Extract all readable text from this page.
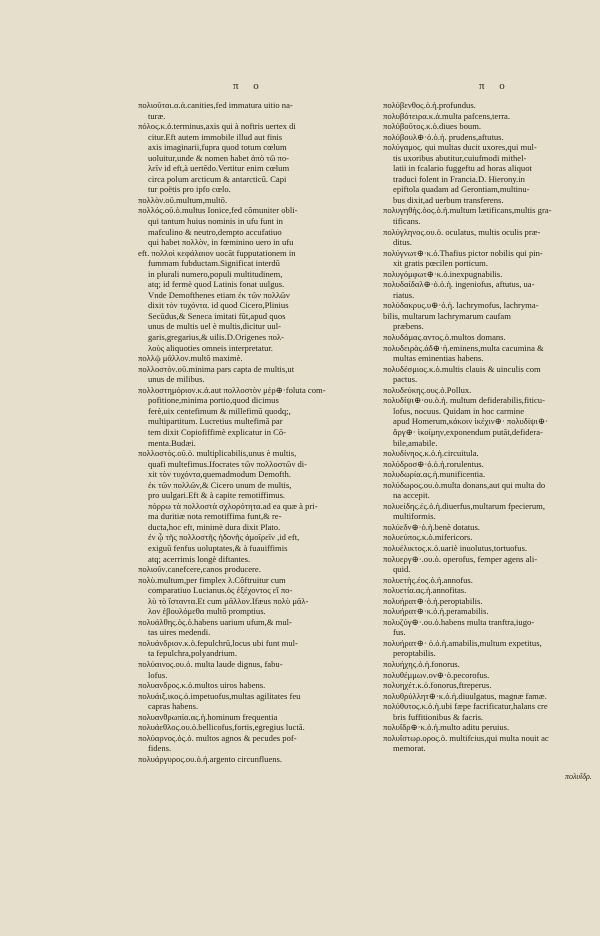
π ο	π ο
πολιοῦται.α.ἀ.canities,fed immatura uitio na-
turæ.
✱ πόλος.κ.ὁ.terminus,axis qui à noftris uertex di
citur.Eft autem immobile illud aut finis
axis imaginarii,fupra quod totum cœlum
uoluitur,unde & nomen habet ἀπὸ τῶ πο-
λεῖν id eft,à uertēdo.Vertitur enim cœlum
circa polum arcticum & antarcticū. Capi
tur poëtis pro ipfo cœlo.
πολλὸν.οῦ.multum,multō.
πολλός.οῦ.ὁ.multus Ionice,fed cõmuniter obli-
qui tantum huius nominis in ufu funt in
mafculino & neutro,dempto accufatiuo
qui habet πολλὸν, in fœminino uero in ufu
✱ eft. πολλοὶ κεφάλαιον uocāt fupputationem in
fummam fubductam.Significat interdū
in plurali numero,populi multitudinem,
atq; id fermè quod Latinis fonat uulgus.
Vnde Demofthenes etiam ἐκ τῶν πολλῶν
dixit τὸν τυχόντα. id quod Cicero,Plinius
Secūdus,& Seneca imitati fūt,apud quos
unus de multis uel è multis,dicitur uul-
garis,gregarius,& uilis.D.Origenes πολ-
λοὺς aliquoties omneis interpretatur.
✱ πολλῷ μᾶλλον.multō maximè.
πολλοστὸν.οῦ.minima pars capta de multis,ut
unus de milibus.
✱ πολλοστημόριον.κ.ἀ.aut πολλοστὸν μέρ⊕·foluta com-
pofitione,minima portio,quod dicimus
ferè,uix centefimum & millefimū quodq;,
multipartitum. Lucretius multefimā par
tem dixit Copiofiffimè explicatur in Cō-
menta.Budæi.
✱ πολλοστὸς.οῦ.ὁ. multiplicabilis,unus è multis,
quafi multefimus.Ifocrates τῶν πολλοστῶν di-
xit τὸν τυχόντα,quemadmodum Demofth.
ἐκ τῶν πολλῶν,& Cicero unum de multis,
pro uulgari.Eft & à capite remotiffimus.
πόρρω τὰ πολλοστὰ σχλορότητα.ad ea quæ à pri-
ma duritiæ nota remotiffima funt,& re-
ducta,hoc eft, minimè dura dixit Plato.
ἐν ᾧ τῆς πολλοστῆς ἡδονῆς ἀμοῖρεῖν ,id eft,
exiguū fenfus uoluptates,& à fuauiffimis
atq; acerrimis longè diftantes.
✱ πολιοῦν.canefcere,canos producere.
✱ πολὺ.multum,per fimplex λ.Cõftruitur cum
comparatiuo Lucianus.ὁς ἐξέχοντος εἴ πο-
λὺ τὸ ἴσταντα.Et cum μᾶλλον.Ifæus πολὺ μᾶλ-
λον ἐβουλόμεθα multō promptius.
πολυάλθης.ὁς.ὁ.habens uarium ufum,& mul-
tas uires medendi.
πολυάνδριον.κ.ὁ.fepulchrū,locus ubi funt mul-
ta fepulchra,polyandrium.
πολύαινος.ου.ὁ. multa laude dignus, fabu-
lofus.
πολυανδρος.κ.ὁ.multos uiros habens.
πολυάιξ.ικος.ὁ.impetuofus,multas agilitates feu
capras habens.
πολυανθρωπία.ας.ἡ.hominum frequentia
πολυάεθλος.ου.ὁ.bellicofus,fortis,egregius luctā.
πολύαρνος.ὁς.ὁ. multos agnos & pecudes pof-
fidens.
πολυάργυρος.ου.ὁ.ἡ.argento circunfluens.
πολύβενθος.ὁ.ἡ.profundus.
πολυβότειρα.κ.ἀ.multa pafcens,terra.
πολύβοῦτος.κ.ὁ.diues boum.
πολύβουλ⊕·ὁ.ὁ.ἡ. prudens,aftutus.
✱ πολύγαμος. qui multas ducit uxores,qui mul-
tis uxoribus abutitur,cuiufmodi mithel-
latii in fcalario fuggeftu ad horas aliquot
traduci folent in Francia.D. Hierony.in
epiftola quadam ad Gerontiam,multinu-
bus dixit,ad uerbum transferens.
πολυγηθὴς.ὁος.ὁ.ἡ.multum lætificans,multis gra-
tificans.
πολύγληνος.ου.ὁ. oculatus, multis oculis præ-
ditus.
✱ πολύγνωτ⊕·κ.ὁ.Thafius pictor nobilis qui pin-
xit gratis pœcilen porticum.
πολυγόμφωτ⊕·κ.ὁ.inexpugnabilis.
πολυδαίδαλ⊕·ὁ.ὁ.ἡ. ingeniofus, aftutus, ua-
riatus.
πολύδακρυς.υ⊕·ὁ.ἡ. lachrymofus, lachryma-
✱ bilis, multarum lachrymarum caufam
præbens.
πολυδάμας.αντος.ὁ.multos domans.
πολυδειρὰς.άδ⊕·ἡ.eminens,multa cacumina &
multas eminentias habens.
πολυδέσμιος.κ.ὁ.multis clauis & uinculis com
pactus.
πολυδεύκης.ους.ὁ.Pollux.
πολυδίψι⊕·ου.ὁ.ἡ. multum defiderabilis,fiticu-
lofus, nocuus. Quidam in hoc carmine
apud Homerum,κάκοιν ἰκέχιν⊕· πολυδίψι⊕·
ἄργ⊕· ἱκοίμην,exponendum putāt,defidera-
bile,amabile.
πολυδίνηος.κ.ὁ.ἡ.circuitula.
πολύδροσ⊕·ὁ.ὁ.ἡ.rorulentus.
πολυδωρία.ας.ἡ.munificentia.
πολύδωρος.ου.ὁ.multa donans,aut qui multa do
na accepit.
πολυείδης.ές.ὁ.ἡ.diuerfus,multarum fpecierum,
multiformis.
πολύεδν⊕·ὁ.ἡ.benè dotatus.
πολυεύπος.κ.ὁ.mifericors.
πολυέλικτος.κ.ὁ.uariè inuolutus,tortuofus.
πολυεργ⊕·.ου.ὁ. operofus, femper agens ali-
quid.
πολυετὴς.έος.ὁ.ἡ.annofus.
πολυετία.ας.ἡ.annofitas.
πολυήρατ⊕·ὁ.ἡ.peroptabilis.
πολυήρατ⊕·κ.ὁ.ἡ.peramabilis.
πολυζύγ⊕·.ου.ὁ.habens multa tranftra,iugo-
fus.
πολυήρατ⊕· ὁ.ὁ.ἡ.amabilis,multum expetitus,
peroptabilis.
πολυήχης.ὁ.ἡ.fonorus.
πολυθέμμων.ον⊕·ὁ.pecorofus.
πολυηχέτ.κ.ὁ.fonorus,ftreperus.
✱ πολυθρύλλητ⊕·κ.ὁ.ἡ.diuulgatus, magnæ famæ.
πολύθυτος.κ.ὁ.ἡ.ubi fæpe facrificatur,halans cre
bris fuffitionibus & facris.
πολυΐδρ⊕·κ.ὁ.ἡ.multo aditu peruius.
✱ πολυΐστωρ.ορος.ὁ. multifcius,qui multa nouit ac
memorat.
πολυΐδρ.
